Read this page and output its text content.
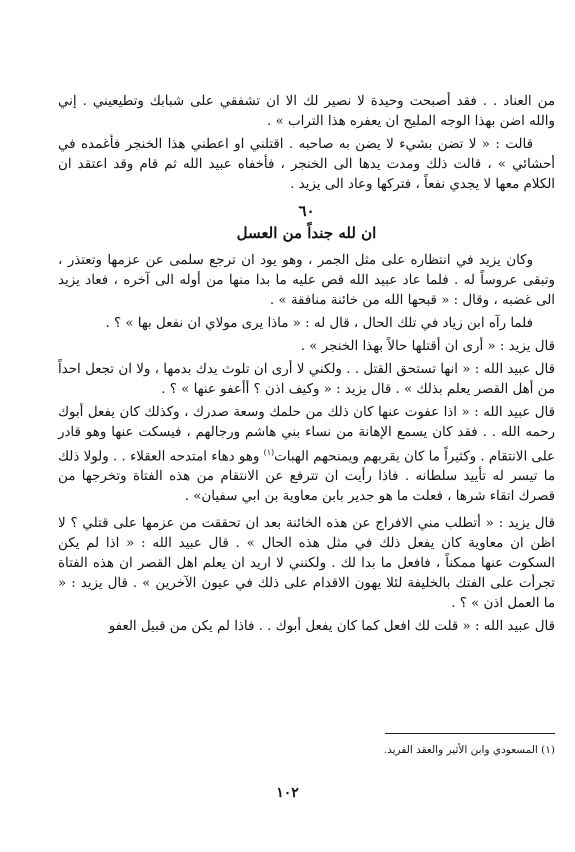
من العناد . . فقد أصبحت وحيدة لا نصير لك الا ان تشفقي على شبابك وتطيعيني . إني والله اضن بهذا الوجه المليح ان يعفره هذا التراب » .

قالت : « لا تضن بشيء لا يضن به صاحبه . اقتلني او اعطني هذا الخنجر فأغمده في أحشائي » ، قالت ذلك ومدت يدها الى الخنجر ، فأخفاه عبيد الله ثم قام وقد اعتقد ان الكلام معها لا يجدي نفعاً ، فتركها وعاد الى يزيد .

٦٠
ان لله جنداً من العسل

وكان يزيد في انتظاره على مثل الجمر ، وهو يود ان ترجع سلمى عن عزمها وتعتذر ، وتبقى عروساً له . فلما عاد عبيد الله قص عليه ما بدا منها من أوله الى آخره ، فعاد يزيد الى غضبه ، وقال : « قبحها الله من خائنة منافقة » .

فلما رآه ابن زياد في تلك الحال ، قال له : « ماذا يرى مولاي ان نفعل بها » ؟ .

قال يزيد : « أرى ان أقتلها حالاً بهذا الخنجر » .

قال عبيد الله : « انها تستحق القتل . . ولكني لا أرى ان تلوث يدك بدمها ، ولا ان تجعل احداً من أهل القصر يعلم بذلك » . قال يزيد : « وكيف اذن ؟ أأعفو عنها » ؟ .

قال عبيد الله : « اذا عفوت عنها كان ذلك من حلمك وسعة صدرك ، وكذلك كان يفعل أبوك رحمه الله . . فقد كان يسمع الإهانة من نساء بني هاشم ورجالهم ، فيسكت عنها وهو قادر على الانتقام . وكثيراً ما كان يقربهم ويمنحهم الهبات$^{(١)}$ وهو دهاء امتدحه العقلاء . . ولولا ذلك ما تيسر له تأييد سلطانه . فاذا رأيت ان تترفع عن الانتقام من هذه الفتاة وتخرجها من قصرك اتقاء شرها ، فعلت ما هو جدير بابن معاوية بن ابي سفيان» .

قال يزيد : « أتطلب مني الافراج عن هذه الخائنة بعد ان تحققت من عزمها على قتلي ؟ لا اظن ان معاوية كان يفعل ذلك في مثل هذه الحال » . قال عبيد الله : « اذا لم يكن السكوت عنها ممكناً ، فافعل ما بدا لك . ولكنني لا اريد ان يعلم اهل القصر ان هذه الفتاة تجرأت على الفتك بالخليفة لئلا يهون الاقدام على ذلك في عيون الآخرين » . قال يزيد : « ما العمل اذن » ؟ .

قال عبيد الله : « قلت لك افعل كما كان يفعل أبوك . . فاذا لم يكن من قبيل العفو

(١) المسعودي وابن الأثير والعقد الفريد.
١٠٢
